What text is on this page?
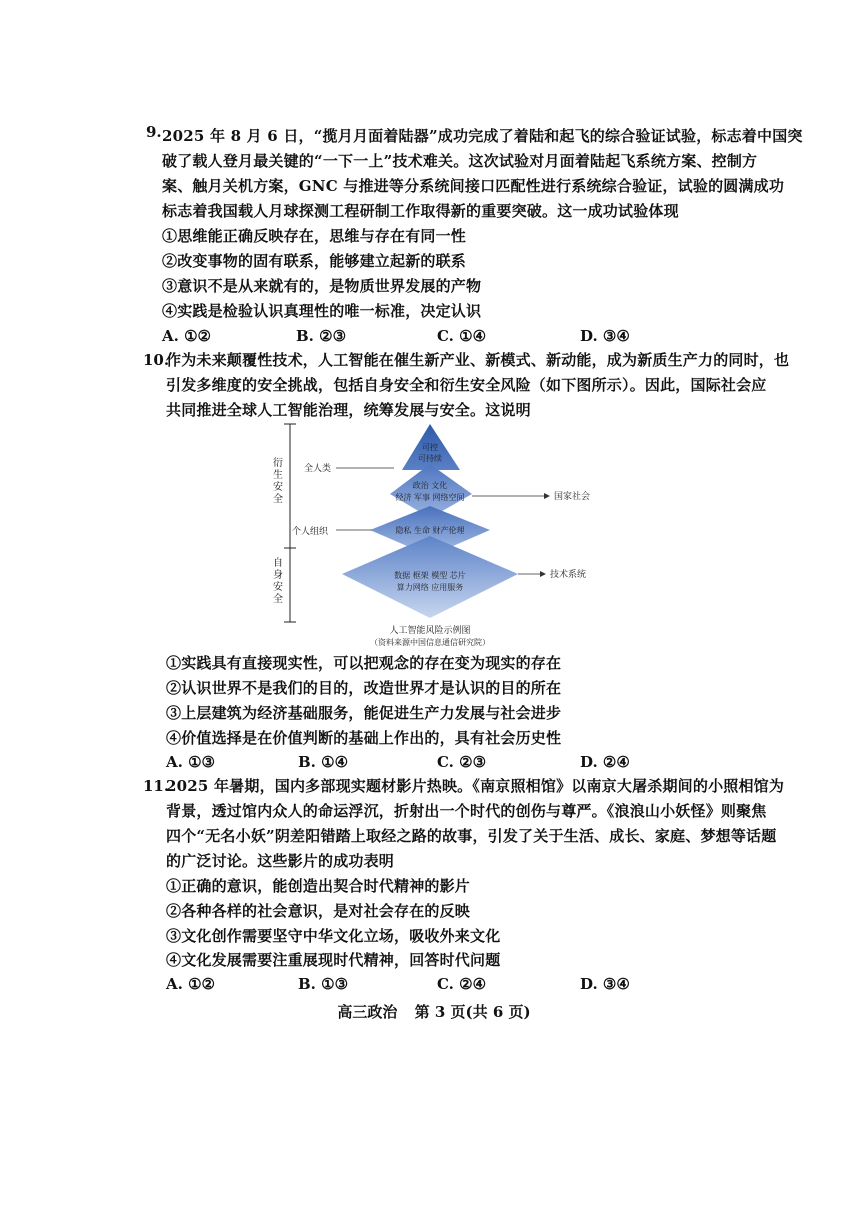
9. 2025 年 8 月 6 日，“揽月月面着陆器”成功完成了着陆和起飞的综合验证试验，标志着中国突
破了载人登月最关键的“一下一上”技术难关。这次试验对月面着陆起飞系统方案、控制方
案、触月关机方案，GNC 与推进等分系统间接口匹配性进行系统综合验证，试验的圆满成功
标志着我国载人月球探测工程研制工作取得新的重要突破。这一成功试验体现
①思维能正确反映存在，思维与存在有同一性
②改变事物的固有联系，能够建立起新的联系
③意识不是从来就有的，是物质世界发展的产物
④实践是检验认识真理性的唯一标准，决定认识
A. ①②	B. ②③	C. ①④	D. ③④
10.
作为未来颠覆性技术，人工智能在催生新产业、新模式、新动能，成为新质生产力的同时，也
引发多维度的安全挑战，包括自身安全和衍生安全风险（如下图所示）。因此，国际社会应
共同推进全球人工智能治理，统筹发展与安全。这说明
可控
可持续
政治 文化
经济 军事 网络空间
隐私 生命 财产伦理
数据 框架 模型 芯片
算力网络 应用服务
全人类
个人组织
国家社会
技术系统
人工智能风险示例图
（资料来源中国信息通信研究院）
衍生安全
自身安全
①实践具有直接现实性，可以把观念的存在变为现实的存在
②认识世界不是我们的目的，改造世界才是认识的目的所在
③上层建筑为经济基础服务，能促进生产力发展与社会进步
④价值选择是在价值判断的基础上作出的，具有社会历史性
A. ①③	B. ①④	C. ②③	D. ②④
11.
2025 年暑期，国内多部现实题材影片热映。《南京照相馆》以南京大屠杀期间的小照相馆为
背景，透过馆内众人的命运浮沉，折射出一个时代的创伤与尊严。《浪浪山小妖怪》则聚焦
四个“无名小妖”阴差阳错踏上取经之路的故事，引发了关于生活、成长、家庭、梦想等话题
的广泛讨论。这些影片的成功表明
①正确的意识，能创造出契合时代精神的影片
②各种各样的社会意识，是对社会存在的反映
③文化创作需要坚守中华文化立场，吸收外来文化
④文化发展需要注重展现时代精神，回答时代问题
A. ①②	B. ①③	C. ②④	D. ③④
高三政治 第 3 页(共 6 页)
